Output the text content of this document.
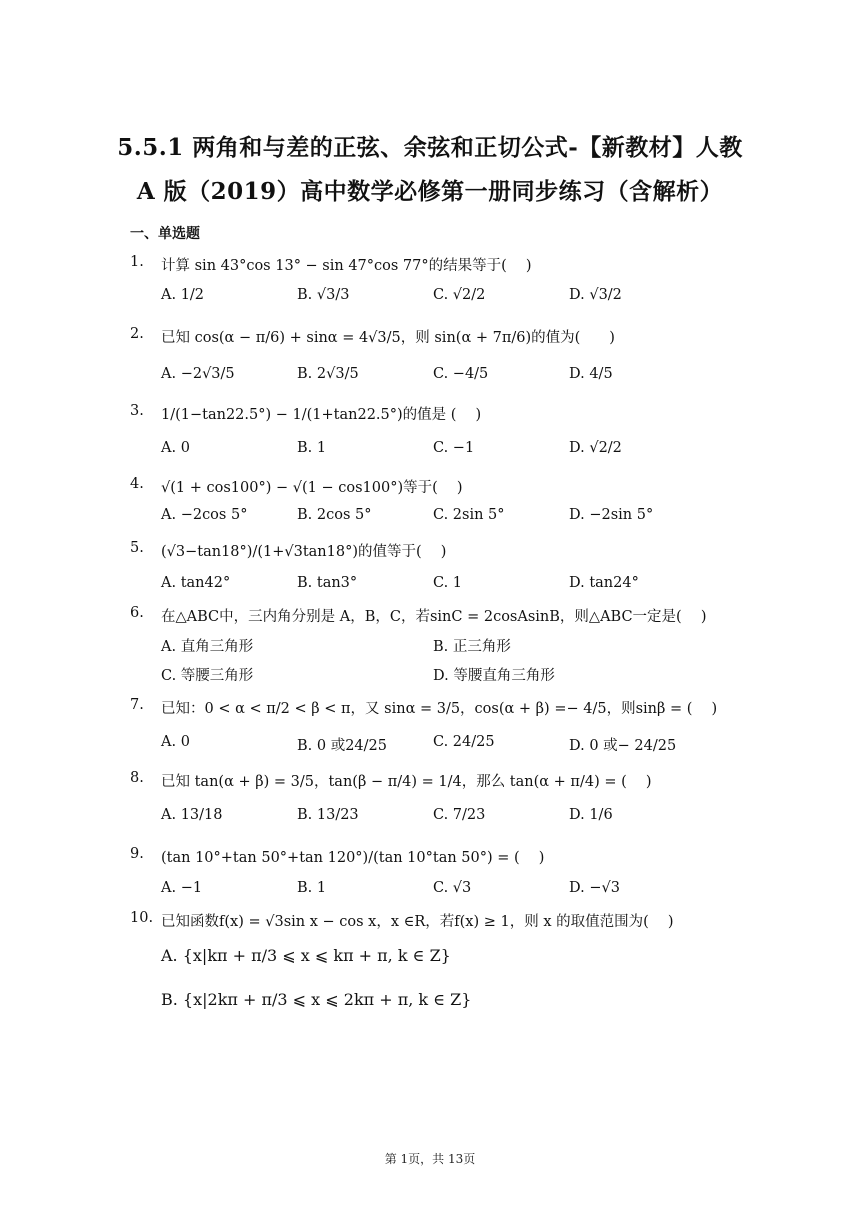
5.5.1 两角和与差的正弦、余弦和正切公式-【新教材】人教
A 版（2019）高中数学必修第一册同步练习（含解析）
一、单选题
1. 计算 sin 43°cos 13° − sin 47°cos 77°的结果等于(　 )
A. 1/2	B. √3/3	C. √2/2	D. √3/2
2. 已知 cos(α − π/6) + sinα = 4√3/5，则 sin(α + 7π/6)的值为(　　)
A. −2√3/5	B. 2√3/5	C. −4/5	D. 4/5
3. 1/(1−tan22.5°) − 1/(1+tan22.5°)的值是 (　 )
A. 0	B. 1	C. −1	D. √2/2
4. √(1 + cos100°) − √(1 − cos100°)等于(　 )
A. −2cos 5°	B. 2cos 5°	C. 2sin 5°	D. −2sin 5°
5. (√3−tan18°)/(1+√3tan18°)的值等于(　 )
A. tan42°	B. tan3°	C. 1	D. tan24°
6. 在△ABC中，三内角分别是 A，B，C，若sinC = 2cosAsinB，则△ABC一定是(　 )
A. 直角三角形	B. 正三角形
C. 等腰三角形	D. 等腰直角三角形
7. 已知：0 < α < π/2 < β < π，又 sinα = 3/5，cos(α + β) =− 4/5，则sinβ = (　 )
A. 0	B. 0 或24/25	C. 24/25	D. 0 或− 24/25
8. 已知 tan(α + β) = 3/5，tan(β − π/4) = 1/4，那么 tan(α + π/4) = (　 )
A. 13/18	B. 13/23	C. 7/23	D. 1/6
9. (tan 10°+tan 50°+tan 120°)/(tan 10°tan 50°) = (　 )
A. −1	B. 1	C. √3	D. −√3
10. 已知函数f(x) = √3sin x − cos x，x ∈R，若f(x) ≥ 1，则 x 的取值范围为(　 )
A. {x|kπ + π/3 ⩽ x ⩽ kπ + π, k ∈ Z}
B. {x|2kπ + π/3 ⩽ x ⩽ 2kπ + π, k ∈ Z}
第 1页，共 13页
